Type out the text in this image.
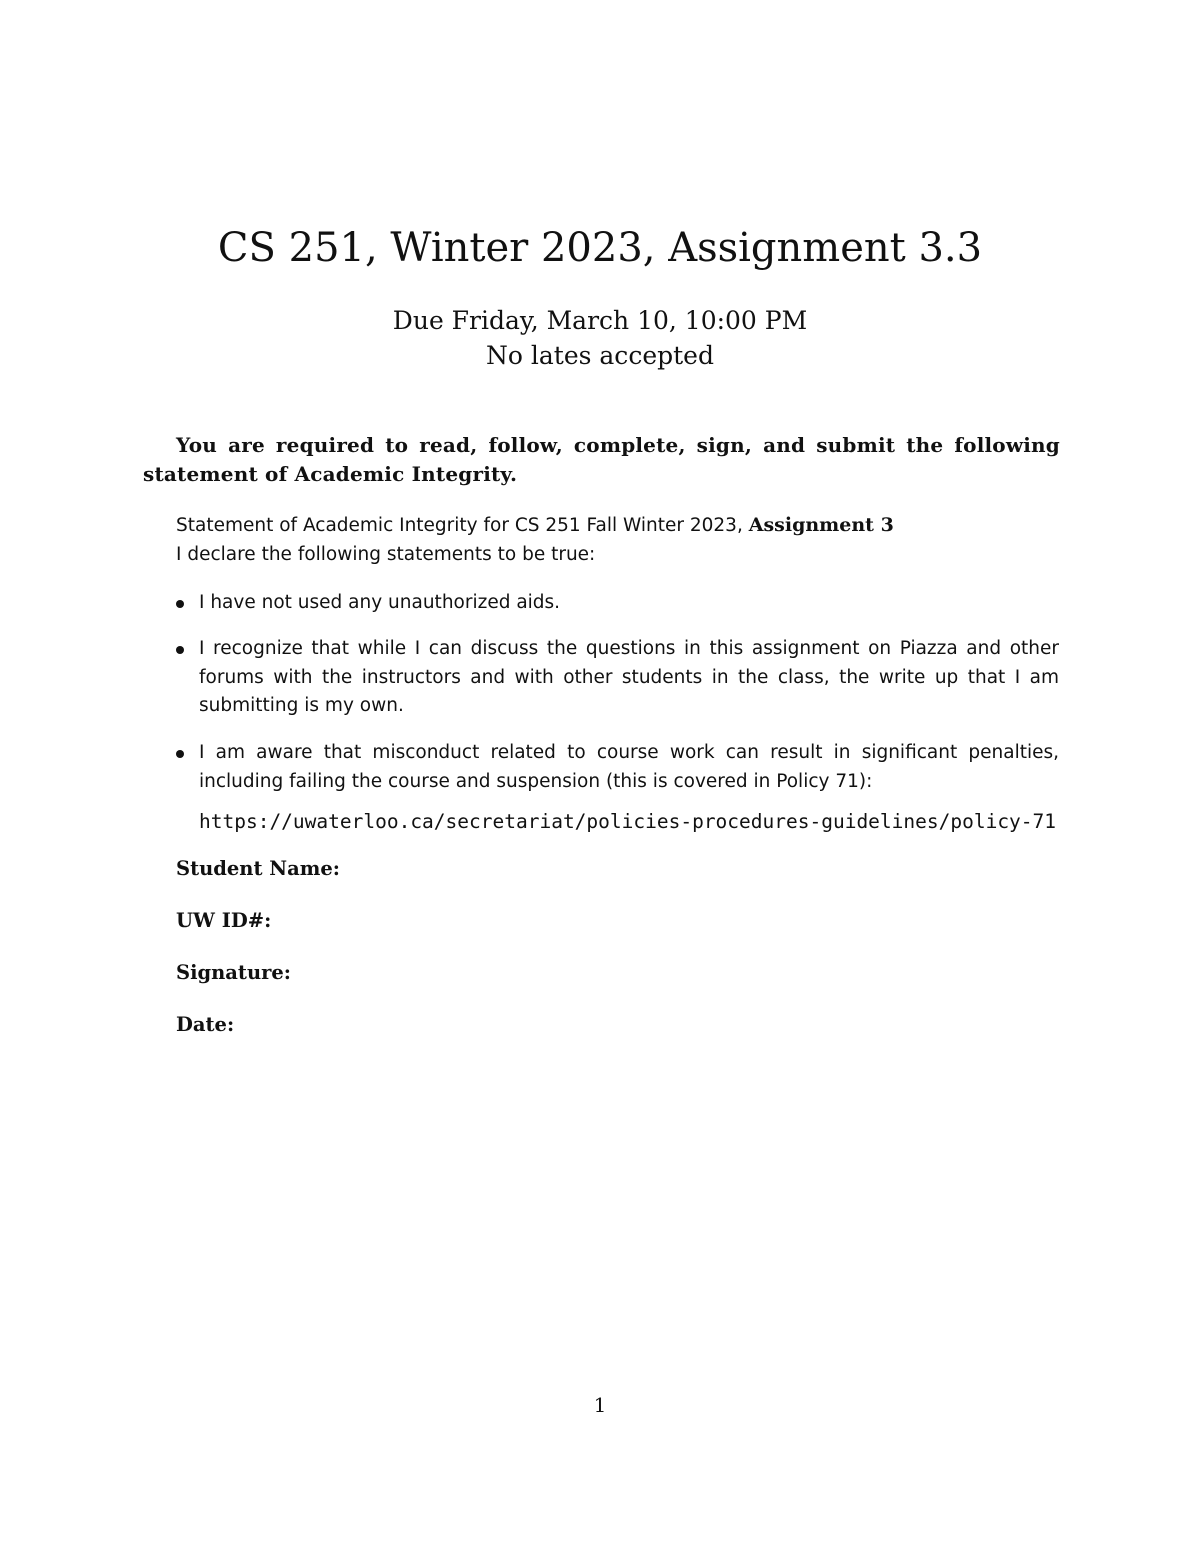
CS 251, Winter 2023, Assignment 3.3
Due Friday, March 10, 10:00 PM
No lates accepted
You are required to read, follow, complete, sign, and submit the following statement of Academic Integrity.
Statement of Academic Integrity for CS 251 Fall Winter 2023, Assignment 3
I declare the following statements to be true:
I have not used any unauthorized aids.
I recognize that while I can discuss the questions in this assignment on Piazza and other forums with the instructors and with other students in the class, the write up that I am submitting is my own.
I am aware that misconduct related to course work can result in significant penalties, including failing the course and suspension (this is covered in Policy 71):
https://uwaterloo.ca/secretariat/policies-procedures-guidelines/policy-71
Student Name:
UW ID#:
Signature:
Date:
1
